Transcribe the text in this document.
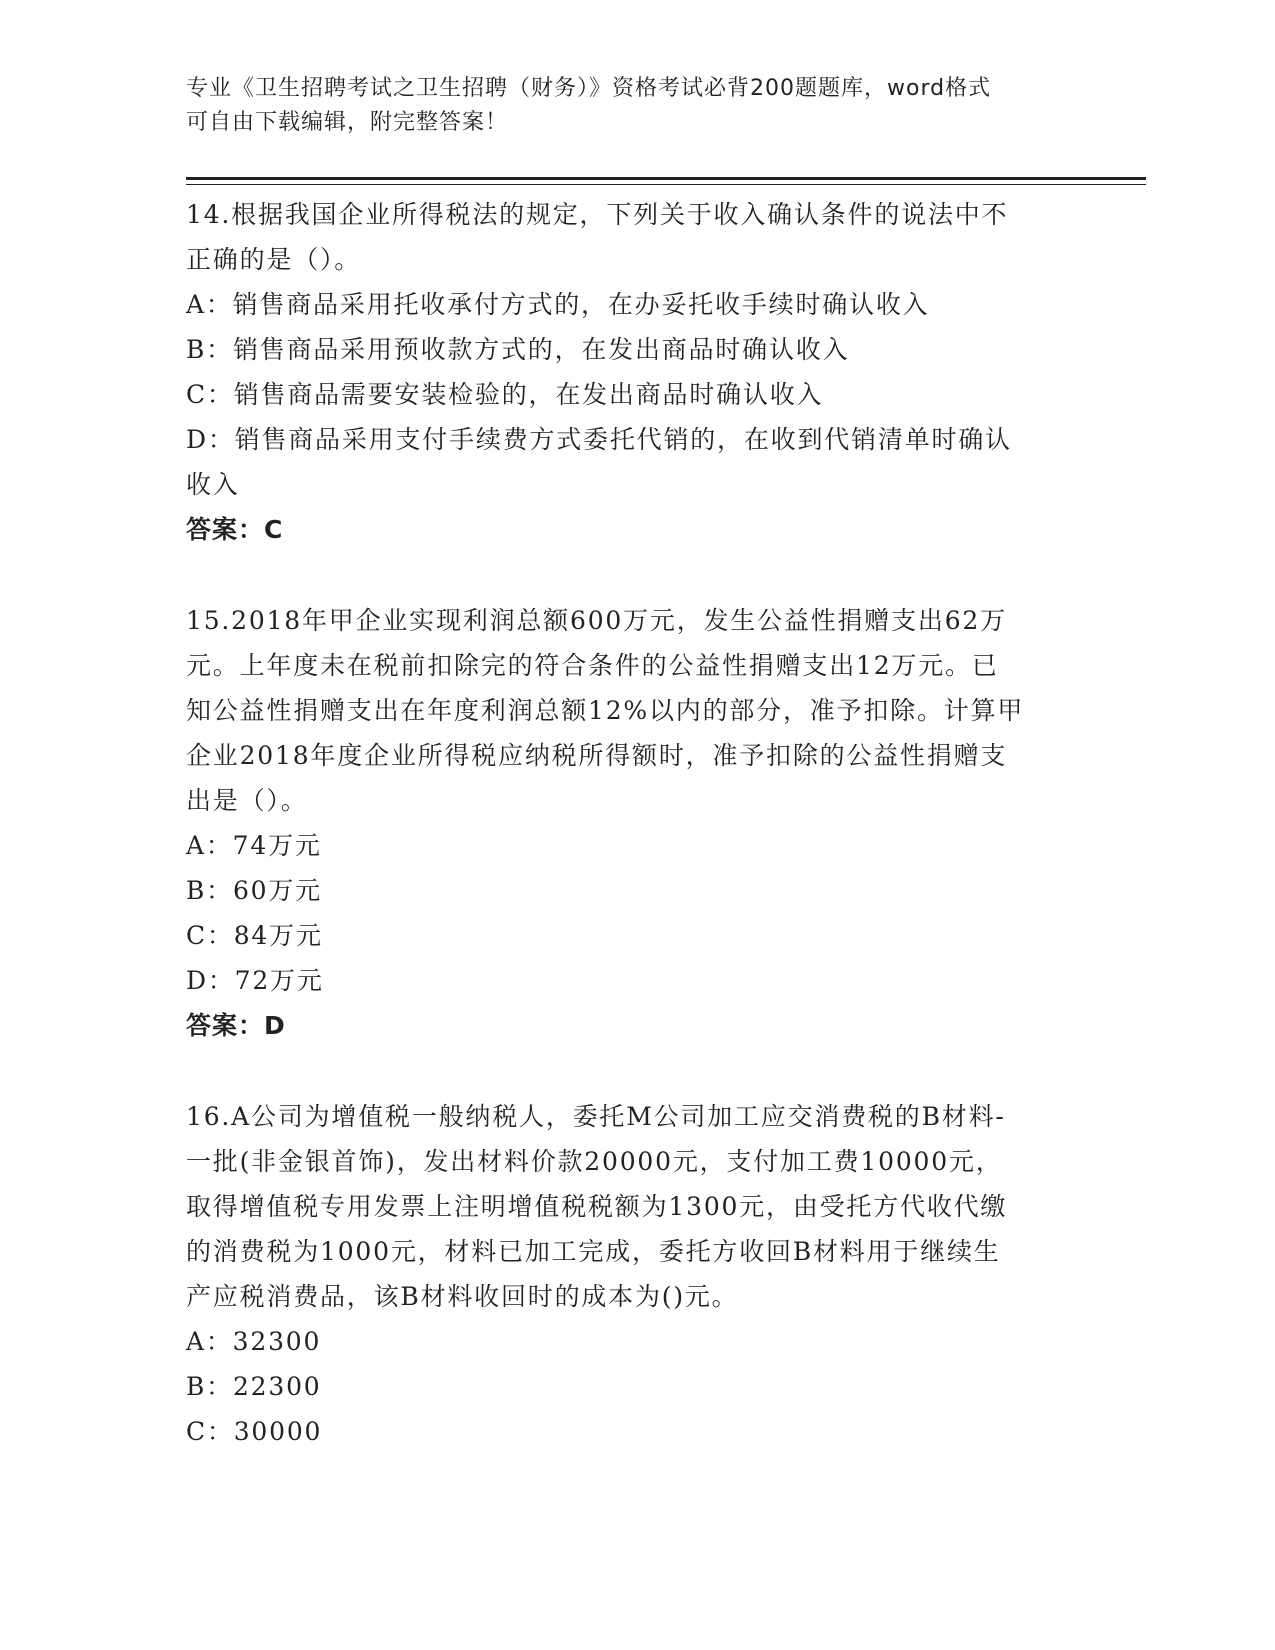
专业《卫生招聘考试之卫生招聘（财务）》资格考试必背200题题库，word格式
可自由下载编辑，附完整答案！
14.根据我国企业所得税法的规定，下列关于收入确认条件的说法中不
正确的是（）。
A：销售商品采用托收承付方式的，在办妥托收手续时确认收入
B：销售商品采用预收款方式的，在发出商品时确认收入
C：销售商品需要安装检验的，在发出商品时确认收入
D：销售商品采用支付手续费方式委托代销的，在收到代销清单时确认
收入
答案：C
15.2018年甲企业实现利润总额600万元，发生公益性捐赠支出62万
元。上年度未在税前扣除完的符合条件的公益性捐赠支出12万元。已
知公益性捐赠支出在年度利润总额12%以内的部分，准予扣除。计算甲
企业2018年度企业所得税应纳税所得额时，准予扣除的公益性捐赠支
出是（）。
A：74万元
B：60万元
C：84万元
D：72万元
答案：D
16.A公司为增值税一般纳税人，委托M公司加工应交消费税的B材料-
一批(非金银首饰)，发出材料价款20000元，支付加工费10000元，
取得增值税专用发票上注明增值税税额为1300元，由受托方代收代缴
的消费税为1000元，材料已加工完成，委托方收回B材料用于继续生
产应税消费品，该B材料收回时的成本为()元。
A：32300
B：22300
C：30000
